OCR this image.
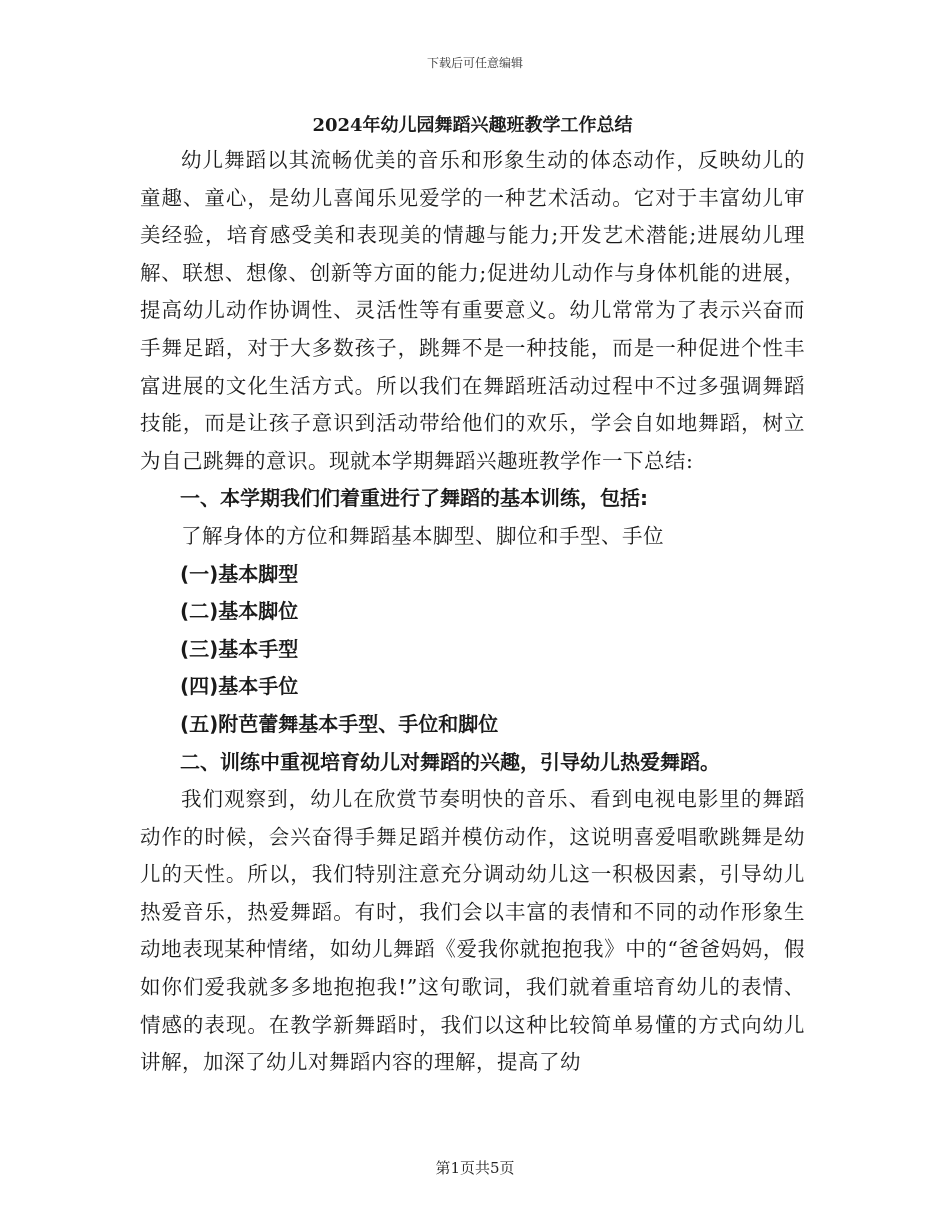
下载后可任意编辑
2024年幼儿园舞蹈兴趣班教学工作总结

幼儿舞蹈以其流畅优美的音乐和形象生动的体态动作，反映幼儿的童趣、童心，是幼儿喜闻乐见爱学的一种艺术活动。它对于丰富幼儿审美经验，培育感受美和表现美的情趣与能力;开发艺术潜能;进展幼儿理解、联想、想像、创新等方面的能力;促进幼儿动作与身体机能的进展，提高幼儿动作协调性、灵活性等有重要意义。幼儿常常为了表示兴奋而手舞足蹈，对于大多数孩子，跳舞不是一种技能，而是一种促进个性丰富进展的文化生活方式。所以我们在舞蹈班活动过程中不过多强调舞蹈技能，而是让孩子意识到活动带给他们的欢乐，学会自如地舞蹈，树立为自己跳舞的意识。现就本学期舞蹈兴趣班教学作一下总结:

一、本学期我们们着重进行了舞蹈的基本训练，包括:

了解身体的方位和舞蹈基本脚型、脚位和手型、手位

(一)基本脚型

(二)基本脚位

(三)基本手型

(四)基本手位

(五)附芭蕾舞基本手型、手位和脚位

二、训练中重视培育幼儿对舞蹈的兴趣，引导幼儿热爱舞蹈。

我们观察到，幼儿在欣赏节奏明快的音乐、看到电视电影里的舞蹈动作的时候，会兴奋得手舞足蹈并模仿动作，这说明喜爱唱歌跳舞是幼儿的天性。所以，我们特别注意充分调动幼儿这一积极因素，引导幼儿热爱音乐，热爱舞蹈。有时，我们会以丰富的表情和不同的动作形象生动地表现某种情绪，如幼儿舞蹈《爱我你就抱抱我》中的“爸爸妈妈，假如你们爱我就多多地抱抱我!”这句歌词，我们就着重培育幼儿的表情、情感的表现。在教学新舞蹈时，我们以这种比较简单易懂的方式向幼儿讲解，加深了幼儿对舞蹈内容的理解，提高了幼

第1页共5页
